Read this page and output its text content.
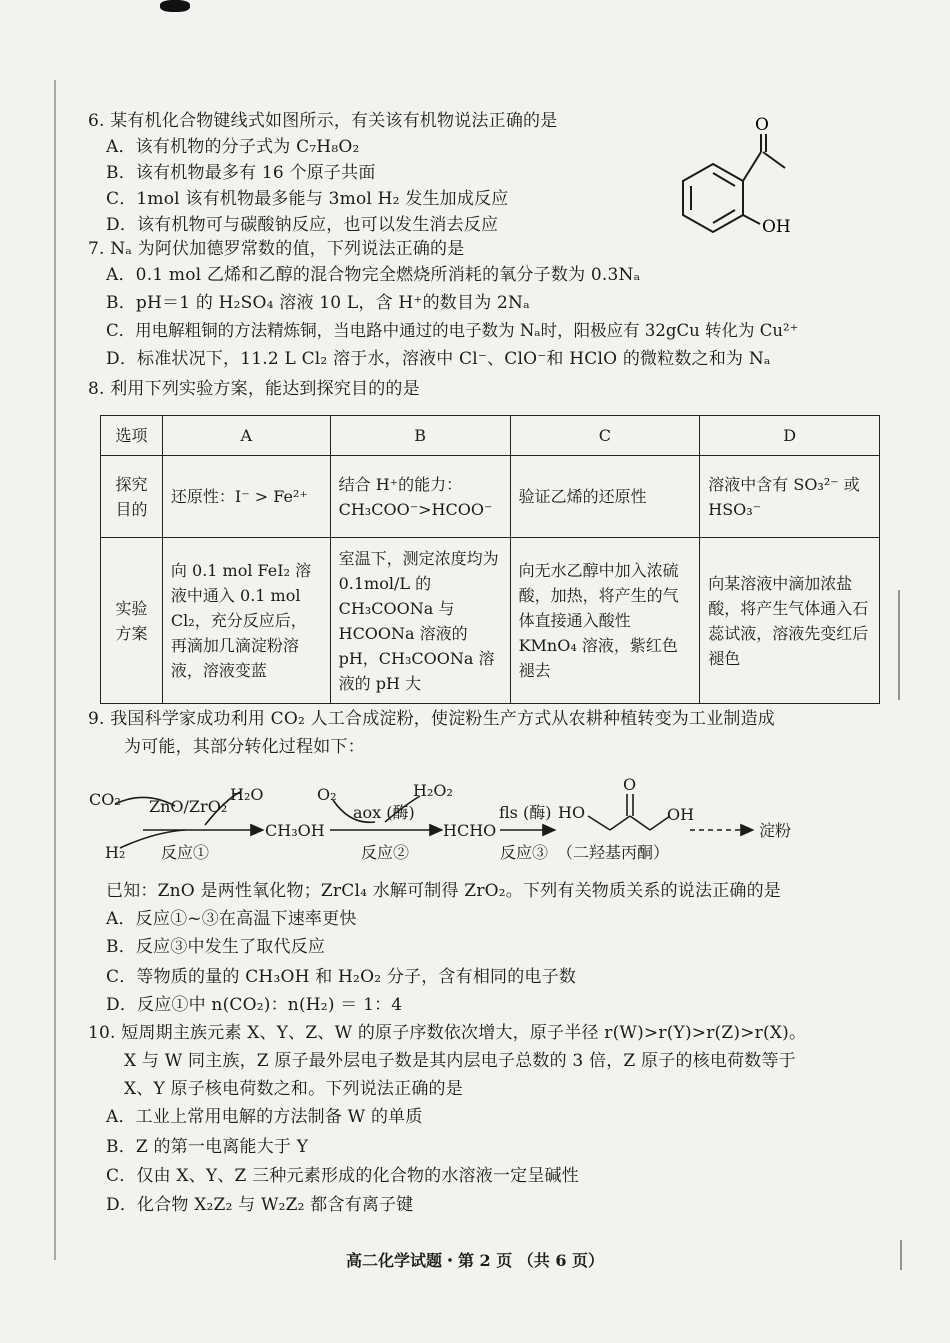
6. 某有机化合物键线式如图所示，有关该有机物说法正确的是
A．该有机物的分子式为 C₇H₈O₂
B．该有机物最多有 16 个原子共面
C．1mol 该有机物最多能与 3mol H₂ 发生加成反应
D．该有机物可与碳酸钠反应，也可以发生消去反应
O
OH
7. Nₐ 为阿伏加德罗常数的值，下列说法正确的是
A．0.1 mol 乙烯和乙醇的混合物完全燃烧所消耗的氧分子数为 0.3Nₐ
B．pH＝1 的 H₂SO₄ 溶液 10 L，含 H⁺的数目为 2Nₐ
C．用电解粗铜的方法精炼铜，当电路中通过的电子数为 Nₐ时，阳极应有 32gCu 转化为 Cu²⁺
D．标准状况下，11.2 L Cl₂ 溶于水，溶液中 Cl⁻、ClO⁻和 HClO 的微粒数之和为 Nₐ
8. 利用下列实验方案，能达到探究目的的是
选项	A	B	C	D
探究目的	还原性：I⁻ > Fe²⁺	结合 H⁺的能力：CH₃COO⁻>HCOO⁻	验证乙烯的还原性	溶液中含有 SO₃²⁻ 或 HSO₃⁻
实验方案	向 0.1 mol FeI₂ 溶液中通入 0.1 mol Cl₂，充分反应后，再滴加几滴淀粉溶液，溶液变蓝	室温下，测定浓度均为 0.1mol/L 的 CH₃COONa 与 HCOONa 溶液的 pH，CH₃COONa 溶液的 pH 大	向无水乙醇中加入浓硫酸，加热，将产生的气体直接通入酸性 KMnO₄ 溶液，紫红色褪去	向某溶液中滴加浓盐酸，将产生气体通入石蕊试液，溶液先变红后褪色
9. 我国科学家成功利用 CO₂ 人工合成淀粉，使淀粉生产方式从农耕种植转变为工业制造成
为可能，其部分转化过程如下：
CO₂
H₂
ZnO/ZrO₂
H₂O
CH₃OH
O₂
aox (酶)
H₂O₂
HCHO
fls (酶) HO
O
OH
淀粉
反应①	反应②	反应③ （二羟基丙酮）
已知：ZnO 是两性氧化物；ZrCl₄ 水解可制得 ZrO₂。下列有关物质关系的说法正确的是
A．反应①~③在高温下速率更快
B．反应③中发生了取代反应
C．等物质的量的 CH₃OH 和 H₂O₂ 分子，含有相同的电子数
D．反应①中 n(CO₂)：n(H₂) ＝ 1：4
10. 短周期主族元素 X、Y、Z、W 的原子序数依次增大，原子半径 r(W)>r(Y)>r(Z)>r(X)。
X 与 W 同主族，Z 原子最外层电子数是其内层电子总数的 3 倍，Z 原子的核电荷数等于
X、Y 原子核电荷数之和。下列说法正确的是
A．工业上常用电解的方法制备 W 的单质
B．Z 的第一电离能大于 Y
C．仅由 X、Y、Z 三种元素形成的化合物的水溶液一定呈碱性
D．化合物 X₂Z₂ 与 W₂Z₂ 都含有离子键
高二化学试题・第 2 页 （共 6 页）
